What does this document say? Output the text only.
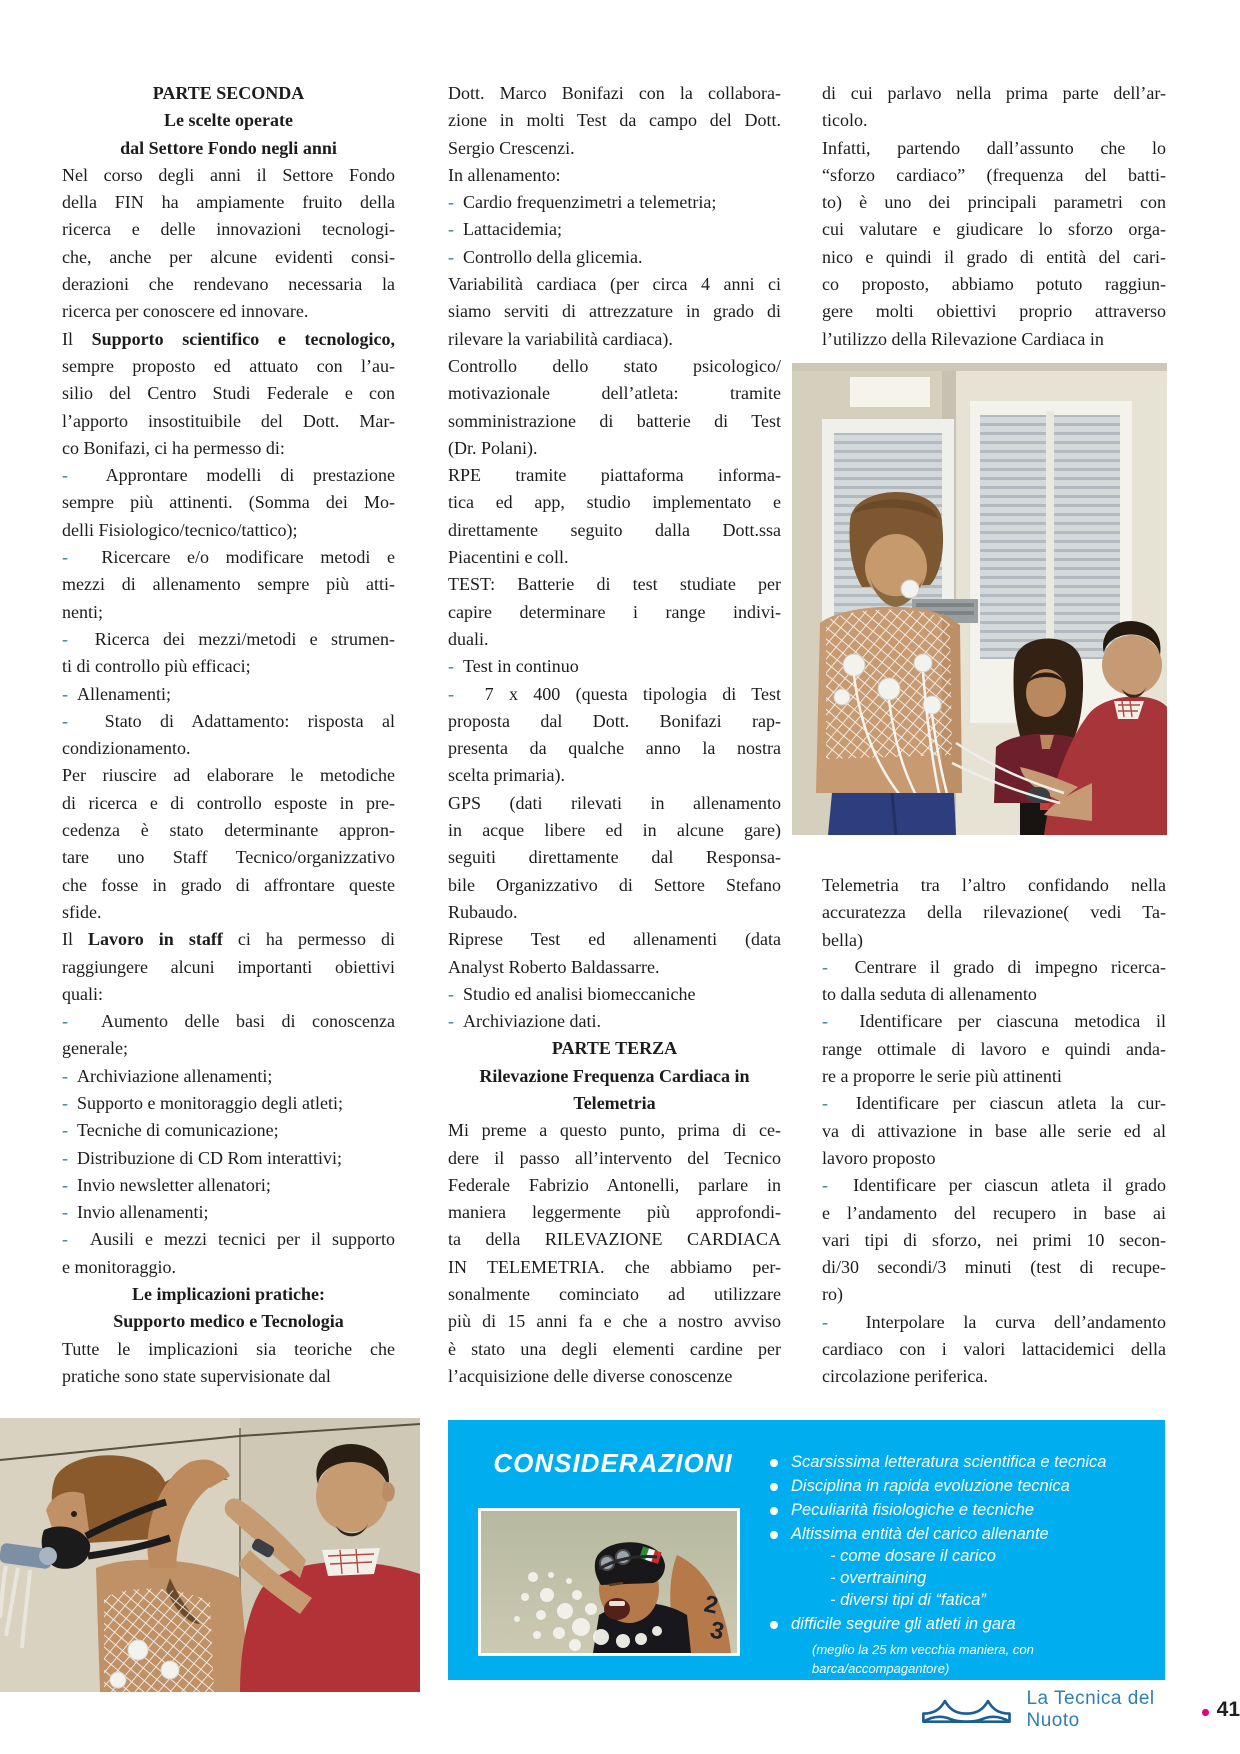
PARTE SECONDA
Le scelte operate
dal Settore Fondo negli anni
Nel corso degli anni il Settore Fondo
della FIN ha ampiamente fruito della
ricerca e delle innovazioni tecnologi-
che, anche per alcune evidenti consi-
derazioni che rendevano necessaria la
ricerca per conoscere ed innovare.
Il Supporto scientifico e tecnologico,
sempre proposto ed attuato con l’au-
silio del Centro Studi Federale e con
l’apporto insostituibile del Dott. Mar-
co Bonifazi, ci ha permesso di:
-  Approntare modelli di prestazione
sempre più attinenti. (Somma dei Mo-
delli Fisiologico/tecnico/tattico);
-  Ricercare e/o modificare metodi e
mezzi di allenamento sempre più atti-
nenti;
-  Ricerca dei mezzi/metodi e strumen-
ti di controllo più efficaci;
-  Allenamenti;
-  Stato di Adattamento: risposta al
condizionamento.
Per riuscire ad elaborare le metodiche
di ricerca e di controllo esposte in pre-
cedenza è stato determinante appron-
tare uno Staff Tecnico/organizzativo
che fosse in grado di affrontare queste
sfide.
Il Lavoro in staff ci ha permesso di
raggiungere alcuni importanti obiettivi
quali:
-  Aumento delle basi di conoscenza
generale;
-  Archiviazione allenamenti;
-  Supporto e monitoraggio degli atleti;
-  Tecniche di comunicazione;
-  Distribuzione di CD Rom interattivi;
-  Invio newsletter allenatori;
-  Invio allenamenti;
-  Ausili e mezzi tecnici per il supporto
e monitoraggio.
Le implicazioni pratiche:
Supporto medico e Tecnologia
Tutte le implicazioni sia teoriche che
pratiche sono state supervisionate dal
Dott. Marco Bonifazi con la collabora-
zione in molti Test da campo del Dott.
Sergio Crescenzi.
In allenamento:
-  Cardio frequenzimetri a telemetria;
-  Lattacidemia;
-  Controllo della glicemia.
Variabilità cardiaca (per circa 4 anni ci
siamo serviti di attrezzature in grado di
rilevare la variabilità cardiaca).
Controllo dello stato psicologico/
motivazionale dell’atleta: tramite
somministrazione di batterie di Test
(Dr. Polani).
RPE tramite piattaforma informa-
tica ed app, studio implementato e
direttamente seguito dalla Dott.ssa
Piacentini e coll.
TEST: Batterie di test studiate per
capire determinare i range indivi-
duali.
-  Test in continuo
-  7 x 400 (questa tipologia di Test
proposta dal Dott. Bonifazi rap-
presenta da qualche anno la nostra
scelta primaria).
GPS (dati rilevati in allenamento
in acque libere ed in alcune gare)
seguiti direttamente dal Responsa-
bile Organizzativo di Settore Stefano
Rubaudo.
Riprese Test ed allenamenti (data
Analyst Roberto Baldassarre.
-  Studio ed analisi biomeccaniche
-  Archiviazione dati.
PARTE TERZA
Rilevazione Frequenza Cardiaca in
Telemetria
Mi preme a questo punto, prima di ce-
dere il passo all’intervento del Tecnico
Federale Fabrizio Antonelli, parlare in
maniera leggermente più approfondi-
ta della RILEVAZIONE CARDIACA
IN TELEMETRIA. che abbiamo per-
sonalmente cominciato ad utilizzare
più di 15 anni fa e che a nostro avviso
è stato una degli elementi cardine per
l’acquisizione delle diverse conoscenze
di cui parlavo nella prima parte dell’ar-
ticolo.
Infatti, partendo dall’assunto che lo
“sforzo cardiaco” (frequenza del batti-
to) è uno dei principali parametri con
cui valutare e giudicare lo sforzo orga-
nico e quindi il grado di entità del cari-
co proposto, abbiamo potuto raggiun-
gere molti obiettivi proprio attraverso
l’utilizzo della Rilevazione Cardiaca in
Telemetria tra l’altro confidando nella
accuratezza della rilevazione( vedi Ta-
bella)
-  Centrare il grado di impegno ricerca-
to dalla seduta di allenamento
-  Identificare per ciascuna metodica il
range ottimale di lavoro e quindi anda-
re a proporre le serie più attinenti
-  Identificare per ciascun atleta la cur-
va di attivazione in base alle serie ed al
lavoro proposto
-  Identificare per ciascun atleta il grado
e l’andamento del recupero in base ai
vari tipi di sforzo, nei primi 10 secon-
di/30 secondi/3 minuti (test di recupe-
ro)
-  Interpolare la curva dell’andamento
cardiaco con i valori lattacidemici della
circolazione periferica.
CONSIDERAZIONI
2
3
Scarsissima letteratura scientifica e tecnica
Disciplina in rapida evoluzione tecnica
Peculiarità fisiologiche e tecniche
Altissima entità del carico allenante
- come dosare il carico
- overtraining
- diversi tipi di “fatica”
difficile seguire gli atleti in gara
(meglio la 25 km vecchia maniera, con barca/accompagantore)
La Tecnica del Nuoto	41
